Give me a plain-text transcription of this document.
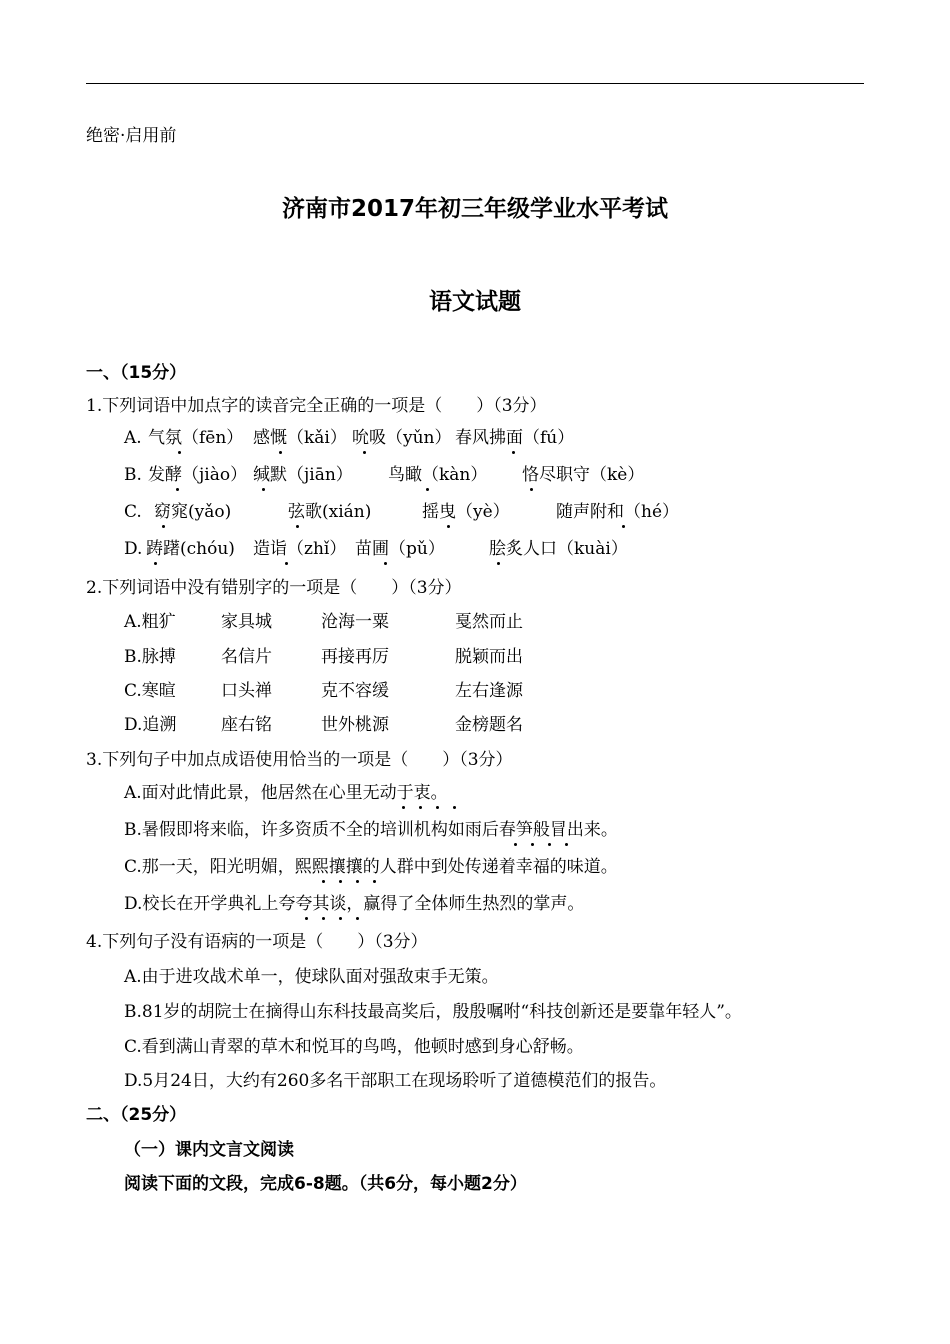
绝密·启用前
济南市2017年初三年级学业水平考试
语文试题
一、（15分）
1.下列词语中加点字的读音完全正确的一项是（　　）（3分）
A. 气氛（fēn） 感慨（kǎi） 吮吸（yǔn） 春风拂面（fú）
B. 发酵（jiào） 缄默（jiān） 鸟瞰（kàn） 恪尽职守（kè）
C. 窈窕(yǎo)	弦歌(xián)	摇曳（yè）	随声附和（hé）
D. 踌躇(chóu) 造诣（zhǐ） 苗圃（pǔ）	脍炙人口（kuài）
2.下列词语中没有错别字的一项是（　　）（3分）
A.粗犷	家具城	沧海一粟	戛然而止
B.脉搏	名信片	再接再厉	脱颖而出
C.寒暄	口头禅	克不容缓	左右逢源
D.追溯	座右铭	世外桃源	金榜题名
3.下列句子中加点成语使用恰当的一项是（　　）（3分）
A.面对此情此景，他居然在心里无动于衷。
B.暑假即将来临，许多资质不全的培训机构如雨后春笋般冒出来。
C.那一天，阳光明媚，熙熙攘攘的人群中到处传递着幸福的味道。
D.校长在开学典礼上夸夸其谈，赢得了全体师生热烈的掌声。
4.下列句子没有语病的一项是（　　）（3分）
A.由于进攻战术单一，使球队面对强敌束手无策。
B.81岁的胡院士在摘得山东科技最高奖后，殷殷嘱咐“科技创新还是要靠年轻人”。
C.看到满山青翠的草木和悦耳的鸟鸣，他顿时感到身心舒畅。
D.5月24日，大约有260多名干部职工在现场聆听了道德模范们的报告。
二、（25分）
（一）课内文言文阅读
阅读下面的文段，完成6-8题。（共6分，每小题2分）
